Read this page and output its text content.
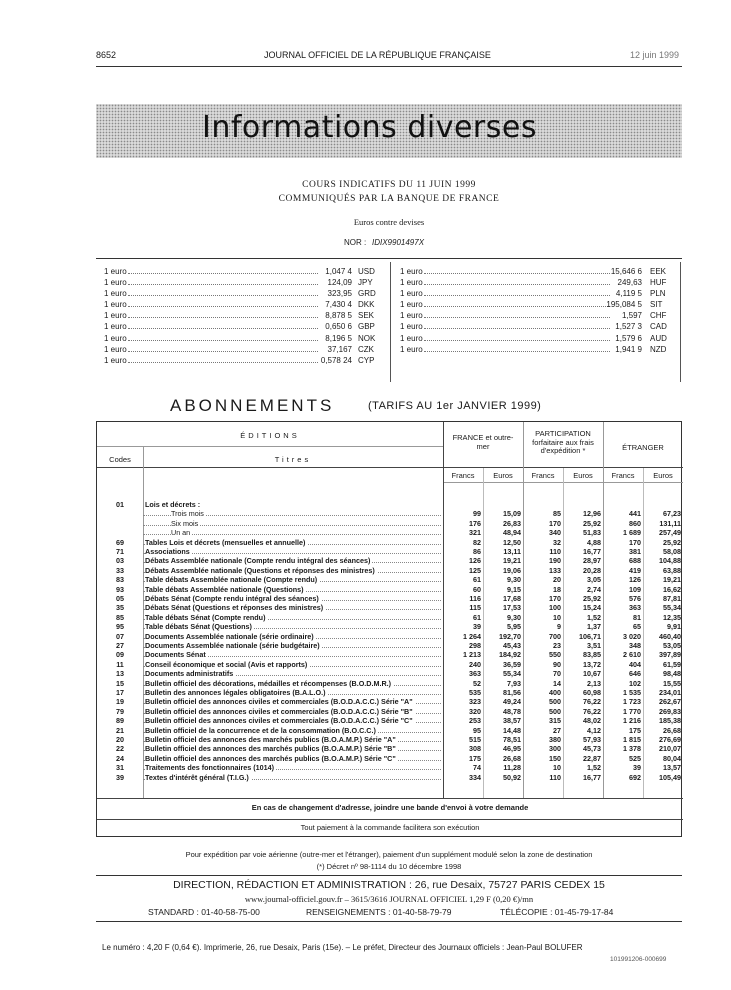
8652	JOURNAL OFFICIEL DE LA RÉPUBLIQUE FRANÇAISE	12 juin 1999
Informations diverses
COURS INDICATIFS DU 11 JUIN 1999
COMMUNIQUÉS PAR LA BANQUE DE FRANCE
Euros contre devises
NOR : IDIX9901497X
1 euro	1,047 4 USD
1 euro	124,09 JPY
1 euro	323,95 GRD
1 euro	7,430 4 DKK
1 euro	8,878 5 SEK
1 euro	0,650 6 GBP
1 euro	8,196 5 NOK
1 euro	37,167 CZK
1 euro	0,578 24 CYP
1 euro	15,646 6 EEK
1 euro	249,63 HUF
1 euro	4,119 5 PLN
1 euro	195,084 5 SIT
1 euro	1,597 CHF
1 euro	1,527 3 CAD
1 euro	1,579 6 AUD
1 euro	1,941 9 NZD
ABONNEMENTS	(TARIFS AU 1er JANVIER 1999)
ÉDITIONS
Codes	Titres
FRANCE et outre-mer
PARTICIPATION forfaitaire aux frais d'expédition *	ÉTRANGER
Francs	Euros	Francs	Euros	Francs	Euros
01	Lois et décrets :
Trois mois	99	15,09	85	12,96	441	67,23
Six mois	176	26,83	170	25,92	860	131,11
Un an	321	48,94	340	51,83	1 689	257,49
69	Tables Lois et décrets (mensuelles et annuelle)	82	12,50	32	4,88	170	25,92
71	Associations	86	13,11	110	16,77	381	58,08
03	Débats Assemblée nationale (Compte rendu intégral des séances)	126	19,21	190	28,97	688	104,88
33	Débats Assemblée nationale (Questions et réponses des ministres)	125	19,06	133	20,28	419	63,88
83	Table débats Assemblée nationale (Compte rendu)	61	9,30	20	3,05	126	19,21
93	Table débats Assemblée nationale (Questions)	60	9,15	18	2,74	109	16,62
05	Débats Sénat (Compte rendu intégral des séances)	116	17,68	170	25,92	576	87,81
35	Débats Sénat (Questions et réponses des ministres)	115	17,53	100	15,24	363	55,34
85	Table débats Sénat (Compte rendu)	61	9,30	10	1,52	81	12,35
95	Table débats Sénat (Questions)	39	5,95	9	1,37	65	9,91
07	Documents Assemblée nationale (série ordinaire)	1 264	192,70	700	106,71	3 020	460,40
27	Documents Assemblée nationale (série budgétaire)	298	45,43	23	3,51	348	53,05
09	Documents Sénat	1 213	184,92	550	83,85	2 610	397,89
11	Conseil économique et social (Avis et rapports)	240	36,59	90	13,72	404	61,59
13	Documents administratifs	363	55,34	70	10,67	646	98,48
15	Bulletin officiel des décorations, médailles et récompenses (B.O.D.M.R.)	52	7,93	14	2,13	102	15,55
17	Bulletin des annonces légales obligatoires (B.A.L.O.)	535	81,56	400	60,98	1 535	234,01
19	Bulletin officiel des annonces civiles et commerciales (B.O.D.A.C.C.) Série "A"	323	49,24	500	76,22	1 723	262,67
79	Bulletin officiel des annonces civiles et commerciales (B.O.D.A.C.C.) Série "B"	320	48,78	500	76,22	1 770	269,83
89	Bulletin officiel des annonces civiles et commerciales (B.O.D.A.C.C.) Série "C"	253	38,57	315	48,02	1 216	185,38
21	Bulletin officiel de la concurrence et de la consommation (B.O.C.C.)	95	14,48	27	4,12	175	26,68
20	Bulletin officiel des annonces des marchés publics (B.O.A.M.P.) Série "A"	515	78,51	380	57,93	1 815	276,69
22	Bulletin officiel des annonces des marchés publics (B.O.A.M.P.) Série "B"	308	46,95	300	45,73	1 378	210,07
24	Bulletin officiel des annonces des marchés publics (B.O.A.M.P.) Série "C"	175	26,68	150	22,87	525	80,04
31	Traitements des fonctionnaires (1014)	74	11,28	10	1,52	39	13,57
39	Textes d'intérêt général (T.I.G.)	334	50,92	110	16,77	692	105,49
En cas de changement d'adresse, joindre une bande d'envoi à votre demande
Tout paiement à la commande facilitera son exécution
Pour expédition par voie aérienne (outre-mer et l'étranger), paiement d'un supplément modulé selon la zone de destination
(*) Décret nº 98-1114 du 10 décembre 1998
DIRECTION, RÉDACTION ET ADMINISTRATION : 26, rue Desaix, 75727 PARIS CEDEX 15
www.journal-officiel.gouv.fr – 3615/3616 JOURNAL OFFICIEL 1,29 F (0,20 €)/mn
STANDARD : 01-40-58-75-00	RENSEIGNEMENTS : 01-40-58-79-79	TÉLÉCOPIE : 01-45-79-17-84
Le numéro : 4,20 F (0,64 €). Imprimerie, 26, rue Desaix, Paris (15e). – Le préfet, Directeur des Journaux officiels : Jean-Paul BOLUFER
101991206-000699
